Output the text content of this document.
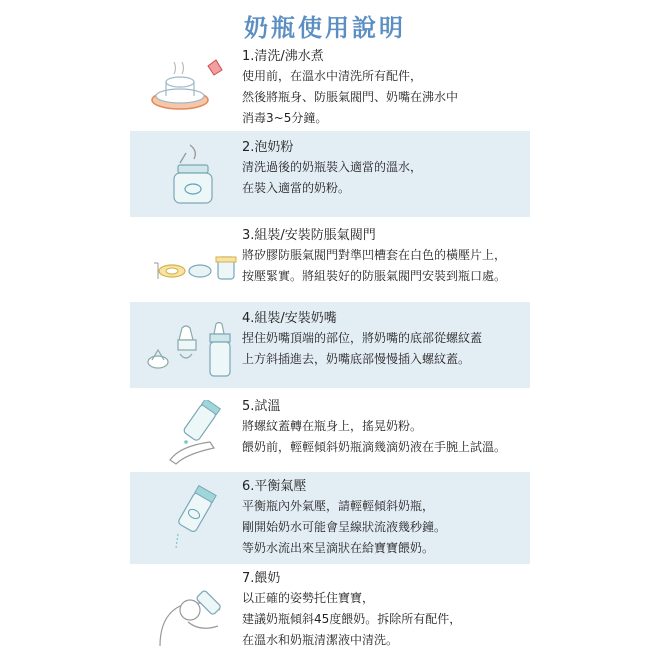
奶瓶使用說明
1.清洗/沸水煮
使用前，在溫水中清洗所有配件，
然後將瓶身、防脹氣閥門、奶嘴在沸水中
消毒3~5分鐘。
2.泡奶粉
清洗過後的奶瓶裝入適當的溫水，
在裝入適當的奶粉。
3.組裝/安裝防脹氣閥門
將矽膠防脹氣閥門對準凹槽套在白色的橫壓片上，
按壓緊實。將組裝好的防脹氣閥門安裝到瓶口處。
4.組裝/安裝奶嘴
捏住奶嘴頂端的部位，將奶嘴的底部從螺紋蓋
上方斜插進去，奶嘴底部慢慢插入螺紋蓋。
5.試溫
將螺紋蓋轉在瓶身上，搖晃奶粉。
餵奶前，輕輕傾斜奶瓶滴幾滴奶液在手腕上試溫。
6.平衡氣壓
平衡瓶內外氣壓，請輕輕傾斜奶瓶，
剛開始奶水可能會呈線狀流液幾秒鐘。
等奶水流出來呈滴狀在給寶寶餵奶。
7.餵奶
以正確的姿勢托住寶寶，
建議奶瓶傾斜45度餵奶。拆除所有配件，
在溫水和奶瓶清潔液中清洗。
